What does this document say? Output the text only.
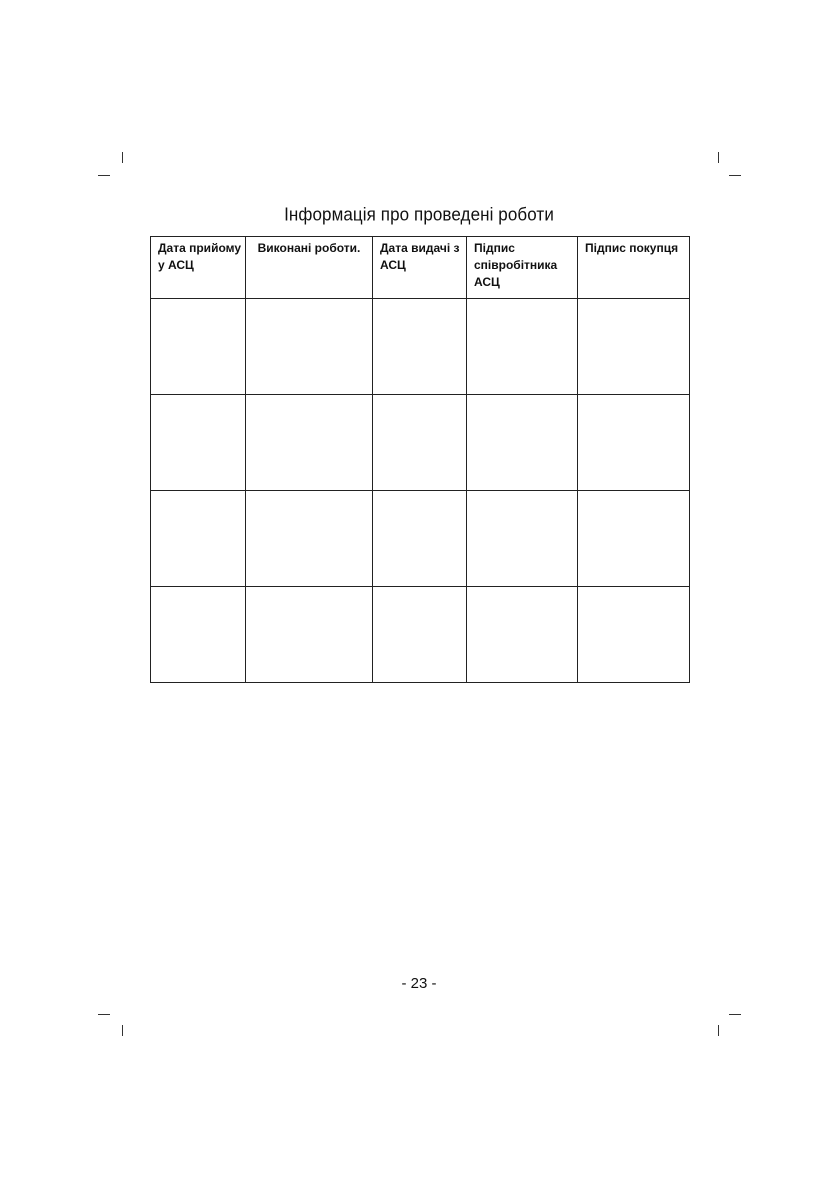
Інформація про проведені роботи
Дата прийому у АСЦ	Виконані роботи.	Дата видачі з АСЦ	Підпис співробітника АСЦ	Підпис покупця

- 23 -
